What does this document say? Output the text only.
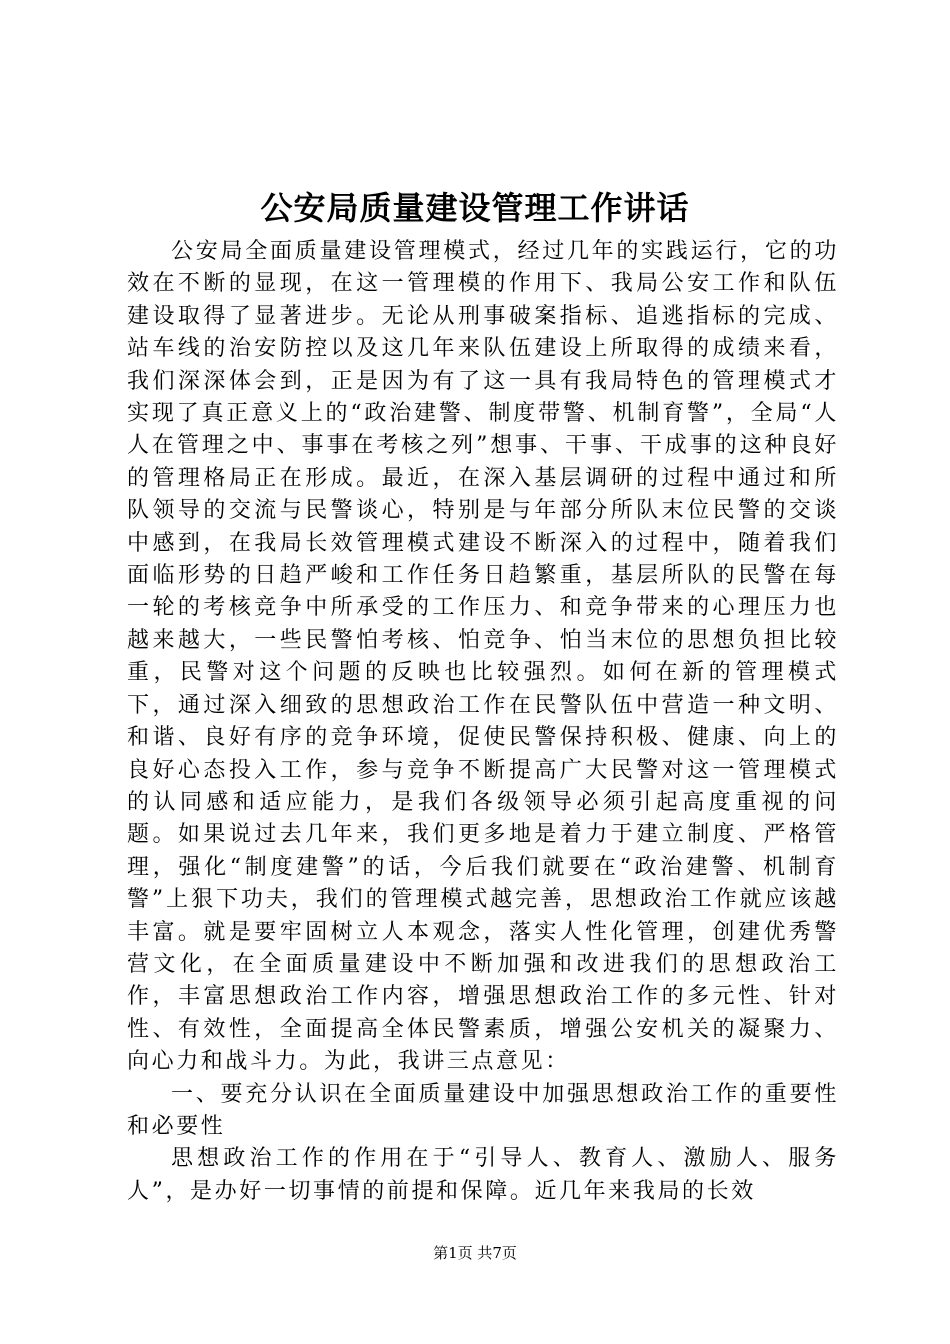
公安局质量建设管理工作讲话

公安局全面质量建设管理模式，经过几年的实践运行，它的功效在不断的显现，在这一管理模的作用下、我局公安工作和队伍建设取得了显著进步。无论从刑事破案指标、追逃指标的完成、站车线的治安防控以及这几年来队伍建设上所取得的成绩来看，我们深深体会到，正是因为有了这一具有我局特色的管理模式才实现了真正意义上的“政治建警、制度带警、机制育警”，全局“人人在管理之中、事事在考核之列”想事、干事、干成事的这种良好的管理格局正在形成。最近，在深入基层调研的过程中通过和所队领导的交流与民警谈心，特别是与年部分所队末位民警的交谈中感到，在我局长效管理模式建设不断深入的过程中，随着我们面临形势的日趋严峻和工作任务日趋繁重，基层所队的民警在每一轮的考核竞争中所承受的工作压力、和竞争带来的心理压力也越来越大，一些民警怕考核、怕竞争、怕当末位的思想负担比较重，民警对这个问题的反映也比较强烈。如何在新的管理模式下，通过深入细致的思想政治工作在民警队伍中营造一种文明、和谐、良好有序的竞争环境，促使民警保持积极、健康、向上的良好心态投入工作，参与竞争不断提高广大民警对这一管理模式的认同感和适应能力，是我们各级领导必须引起高度重视的问题。如果说过去几年来，我们更多地是着力于建立制度、严格管理，强化“制度建警”的话，今后我们就要在“政治建警、机制育警”上狠下功夫，我们的管理模式越完善，思想政治工作就应该越丰富。就是要牢固树立人本观念，落实人性化管理，创建优秀警营文化，在全面质量建设中不断加强和改进我们的思想政治工作，丰富思想政治工作内容，增强思想政治工作的多元性、针对性、有效性，全面提高全体民警素质，增强公安机关的凝聚力、向心力和战斗力。为此，我讲三点意见：

一、要充分认识在全面质量建设中加强思想政治工作的重要性和必要性

思想政治工作的作用在于“引导人、教育人、激励人、服务人”，是办好一切事情的前提和保障。近几年来我局的长效

第1页 共7页
